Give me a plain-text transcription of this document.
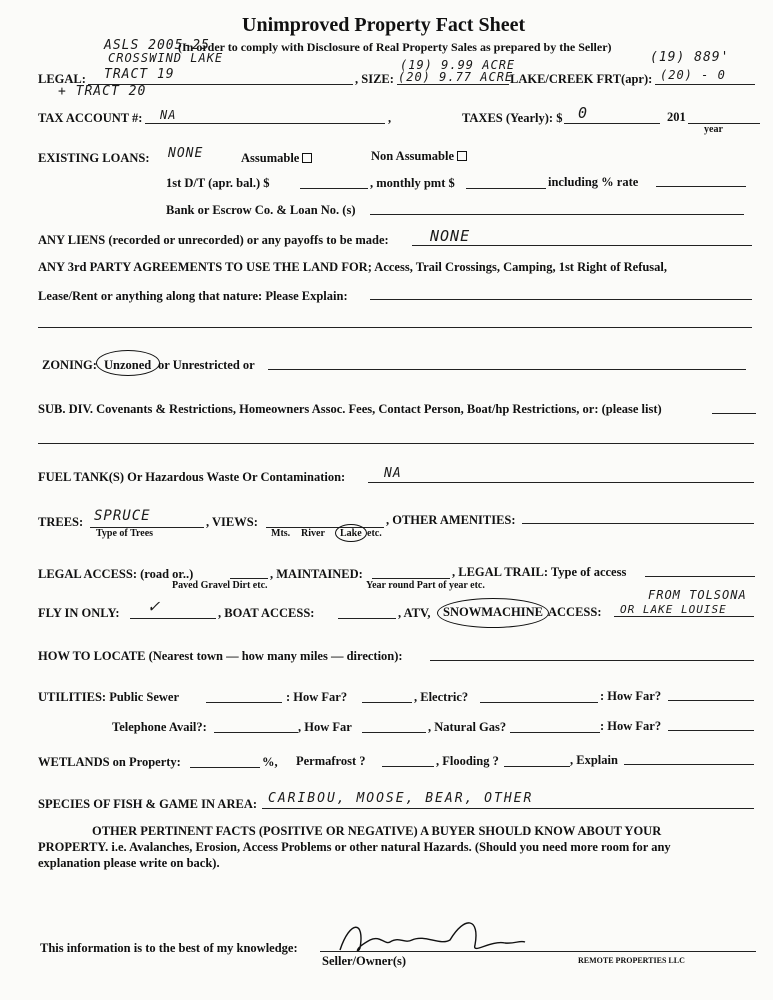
Unimproved Property Fact Sheet
(In order to comply with Disclosure of Real Property Sales as prepared by the Seller)
ASLS 2005-25
CROSSWIND LAKE
LEGAL: TRACT 19
+ TRACT 20
, SIZE:
(19) 9.99 ACRE
(20) 9.77 ACRE
LAKE/CREEK FRT(apr):
(19) 889'
(20) - 0
TAX ACCOUNT #: NA	,	TAXES (Yearly): $ 0	201
year
EXISTING LOANS: NONE	Assumable	Non Assumable
1st D/T (apr. bal.) $	, monthly pmt $	including % rate
Bank or Escrow Co. & Loan No. (s)
ANY LIENS (recorded or unrecorded) or any payoffs to be made:	NONE
ANY 3rd PARTY AGREEMENTS TO USE THE LAND FOR; Access, Trail Crossings, Camping, 1st Right of Refusal,
Lease/Rent or anything along that nature: Please Explain:
ZONING: Unzoned or Unrestricted or
SUB. DIV. Covenants & Restrictions, Homeowners Assoc. Fees, Contact Person, Boat/hp Restrictions, or: (please list)
FUEL TANK(S) Or Hazardous Waste Or Contamination:	NA
TREES: SPRUCE
Type of Trees
, VIEWS:
Mts. River Lake etc.
, OTHER AMENITIES:
LEGAL ACCESS: (road or..)
Paved Gravel Dirt etc.
, MAINTAINED:
Year round Part of year etc.
, LEGAL TRAIL: Type of access
FLY IN ONLY: ✓	, BOAT ACCESS:	, ATV, SNOWMACHINE ACCESS:
FROM TOLSONA
OR LAKE LOUISE
HOW TO LOCATE (Nearest town — how many miles — direction):
UTILITIES: Public Sewer	: How Far?	, Electric?	: How Far?
Telephone Avail?:	, How Far	, Natural Gas?	: How Far?
WETLANDS on Property:	%, Permafrost ?	, Flooding ?	, Explain
SPECIES OF FISH & GAME IN AREA: CARIBOU, MOOSE, BEAR, OTHER
OTHER PERTINENT FACTS (POSITIVE OR NEGATIVE) A BUYER SHOULD KNOW ABOUT YOUR
PROPERTY. i.e. Avalanches, Erosion, Access Problems or other natural Hazards. (Should you need more room for any
explanation please write on back).
This information is to the best of my knowledge:
Seller/Owner(s)	REMOTE PROPERTIES LLC
